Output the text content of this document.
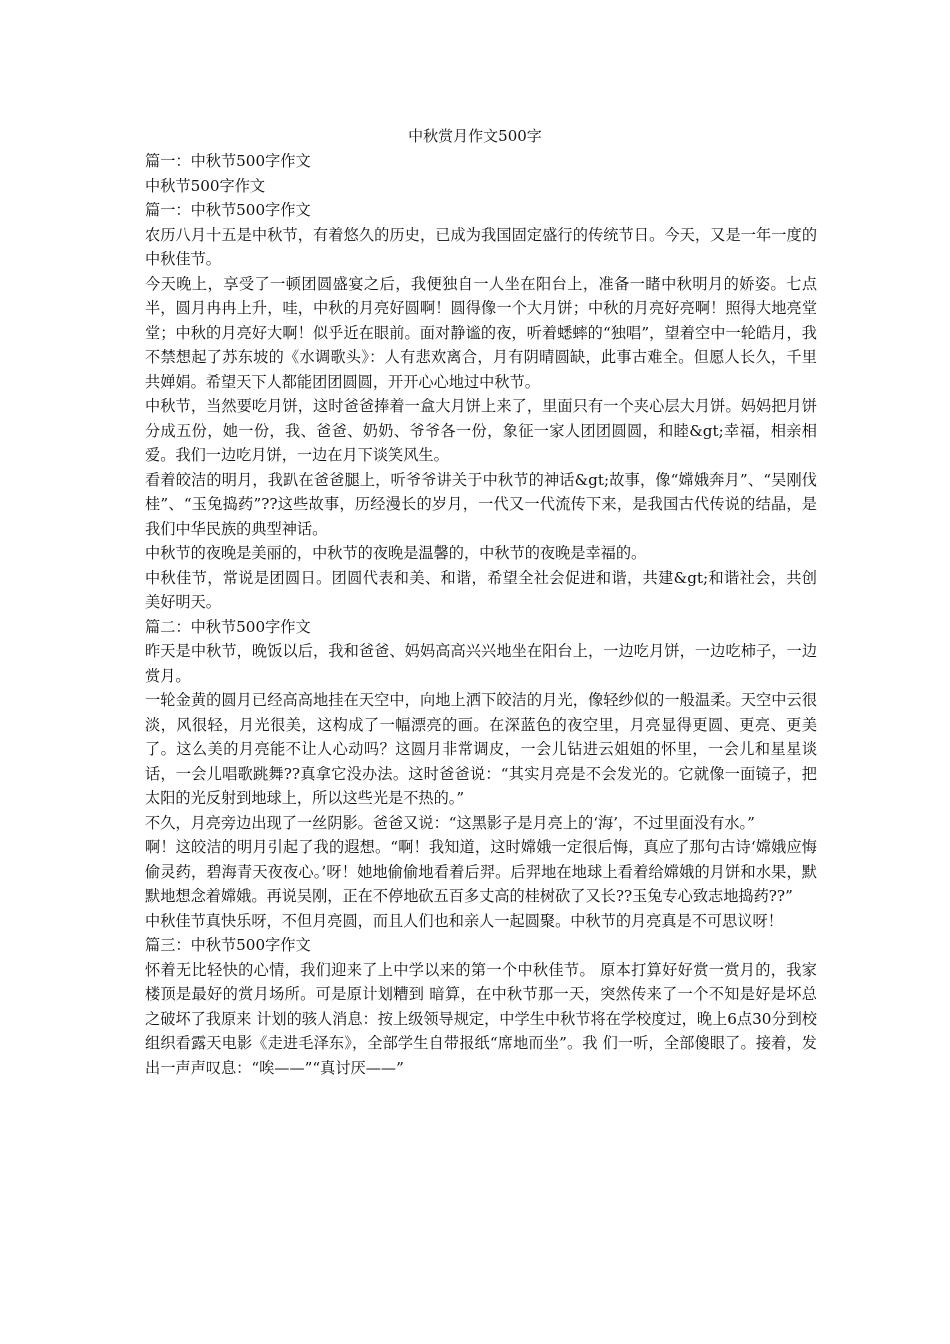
中秋赏月作文500字

篇一：中秋节500字作文

中秋节500字作文

篇一：中秋节500字作文

农历八月十五是中秋节，有着悠久的历史，已成为我国固定盛行的传统节日。今天，又是一年一度的中秋佳节。

今天晚上，享受了一顿团圆盛宴之后，我便独自一人坐在阳台上，准备一睹中秋明月的娇姿。七点半，圆月冉冉上升，哇，中秋的月亮好圆啊！圆得像一个大月饼；中秋的月亮好亮啊！照得大地亮堂堂；中秋的月亮好大啊！似乎近在眼前。面对静谧的夜，听着蟋蟀的“独唱”，望着空中一轮皓月，我不禁想起了苏东坡的《水调歌头》：人有悲欢离合，月有阴晴圆缺，此事古难全。但愿人长久，千里共婵娟。希望天下人都能团团圆圆，开开心心地过中秋节。

中秋节，当然要吃月饼，这时爸爸捧着一盒大月饼上来了，里面只有一个夹心层大月饼。妈妈把月饼分成五份，她一份，我、爸爸、奶奶、爷爷各一份，象征一家人团团圆圆，和睦&gt;幸福，相亲相爱。我们一边吃月饼，一边在月下谈笑风生。

看着皎洁的明月，我趴在爸爸腿上，听爷爷讲关于中秋节的神话&gt;故事，像“嫦娥奔月”、“吴刚伐桂”、“玉兔捣药”??这些故事，历经漫长的岁月，一代又一代流传下来，是我国古代传说的结晶，是我们中华民族的典型神话。

中秋节的夜晚是美丽的，中秋节的夜晚是温馨的，中秋节的夜晚是幸福的。

中秋佳节，常说是团圆日。团圆代表和美、和谐，希望全社会促进和谐，共建&gt;和谐社会，共创美好明天。

篇二：中秋节500字作文

昨天是中秋节，晚饭以后，我和爸爸、妈妈高高兴兴地坐在阳台上，一边吃月饼，一边吃柿子，一边赏月。

一轮金黄的圆月已经高高地挂在天空中，向地上洒下皎洁的月光，像轻纱似的一般温柔。天空中云很淡，风很轻，月光很美，这构成了一幅漂亮的画。在深蓝色的夜空里，月亮显得更圆、更亮、更美了。这么美的月亮能不让人心动吗？这圆月非常调皮，一会儿钻进云姐姐的怀里，一会儿和星星谈话，一会儿唱歌跳舞??真拿它没办法。这时爸爸说：“其实月亮是不会发光的。它就像一面镜子，把太阳的光反射到地球上，所以这些光是不热的。”

不久，月亮旁边出现了一丝阴影。爸爸又说：“这黑影子是月亮上的‘海’，不过里面没有水。”

啊！这皎洁的明月引起了我的遐想。“啊！我知道，这时嫦娥一定很后悔，真应了那句古诗‘嫦娥应悔偷灵药，碧海青天夜夜心。’呀！她地偷偷地看着后羿。后羿地在地球上看着给嫦娥的月饼和水果，默默地想念着嫦娥。再说吴刚，正在不停地砍五百多丈高的桂树砍了又长??玉兔专心致志地捣药??”

中秋佳节真快乐呀，不但月亮圆，而且人们也和亲人一起圆聚。中秋节的月亮真是不可思议呀！

篇三：中秋节500字作文

怀着无比轻快的心情，我们迎来了上中学以来的第一个中秋佳节。 原本打算好好赏一赏月的，我家楼顶是最好的赏月场所。可是原计划糟到 暗算，在中秋节那一天，突然传来了一个不知是好是坏总之破坏了我原来 计划的骇人消息：按上级领导规定，中学生中秋节将在学校度过，晚上6点30分到校组织看露天电影《走进毛泽东》，全部学生自带报纸“席地而坐”。我 们一听，全部傻眼了。接着，发出一声声叹息：“唉——”“真讨厌——”
